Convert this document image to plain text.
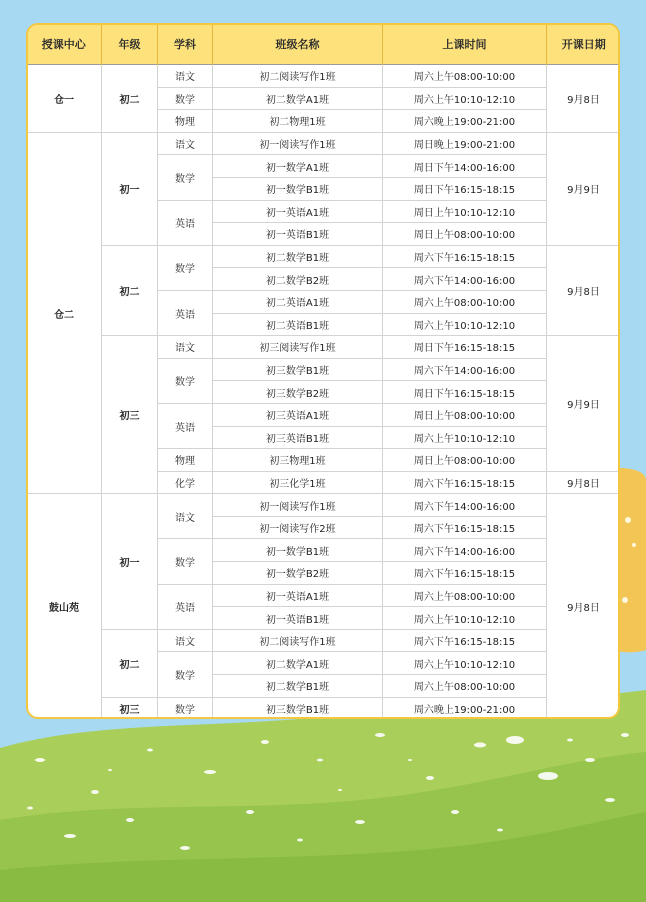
授课中心	年级	学科	班级名称	上课时间	开课日期
仓一	初二	语文	初二阅读写作1班	周六上午08:00-10:00	9月8日
		数学	初二数学A1班	周六上午10:10-12:10	
		物理	初二物理1班	周六晚上19:00-21:00	
仓二	初一	语文	初一阅读写作1班	周日晚上19:00-21:00	9月9日
		数学	初一数学A1班	周日下午14:00-16:00	
			初一数学B1班	周日下午16:15-18:15	
		英语	初一英语A1班	周日上午10:10-12:10	
			初一英语B1班	周日上午08:00-10:00	
	初二	数学	初二数学B1班	周六下午16:15-18:15	9月8日
			初二数学B2班	周六下午14:00-16:00	
		英语	初二英语A1班	周六上午08:00-10:00	
			初二英语B1班	周六上午10:10-12:10	
	初三	语文	初三阅读写作1班	周日下午16:15-18:15	9月9日
		数学	初三数学B1班	周六下午14:00-16:00	
			初三数学B2班	周日下午16:15-18:15	
		英语	初三英语A1班	周日上午08:00-10:00	
			初三英语B1班	周六上午10:10-12:10	
		物理	初三物理1班	周日上午08:00-10:00	
		化学	初三化学1班	周六下午16:15-18:15	9月8日
鼓山苑	初一	语文	初一阅读写作1班	周六下午14:00-16:00	9月8日
			初一阅读写作2班	周六下午16:15-18:15	
		数学	初一数学B1班	周六下午14:00-16:00	
			初一数学B2班	周六下午16:15-18:15	
		英语	初一英语A1班	周六上午08:00-10:00	
			初一英语B1班	周六上午10:10-12:10	
	初二	语文	初二阅读写作1班	周六下午16:15-18:15	
		数学	初二数学A1班	周六上午10:10-12:10	
			初二数学B1班	周六上午08:00-10:00	
	初三	数学	初三数学B1班	周六晚上19:00-21:00	
